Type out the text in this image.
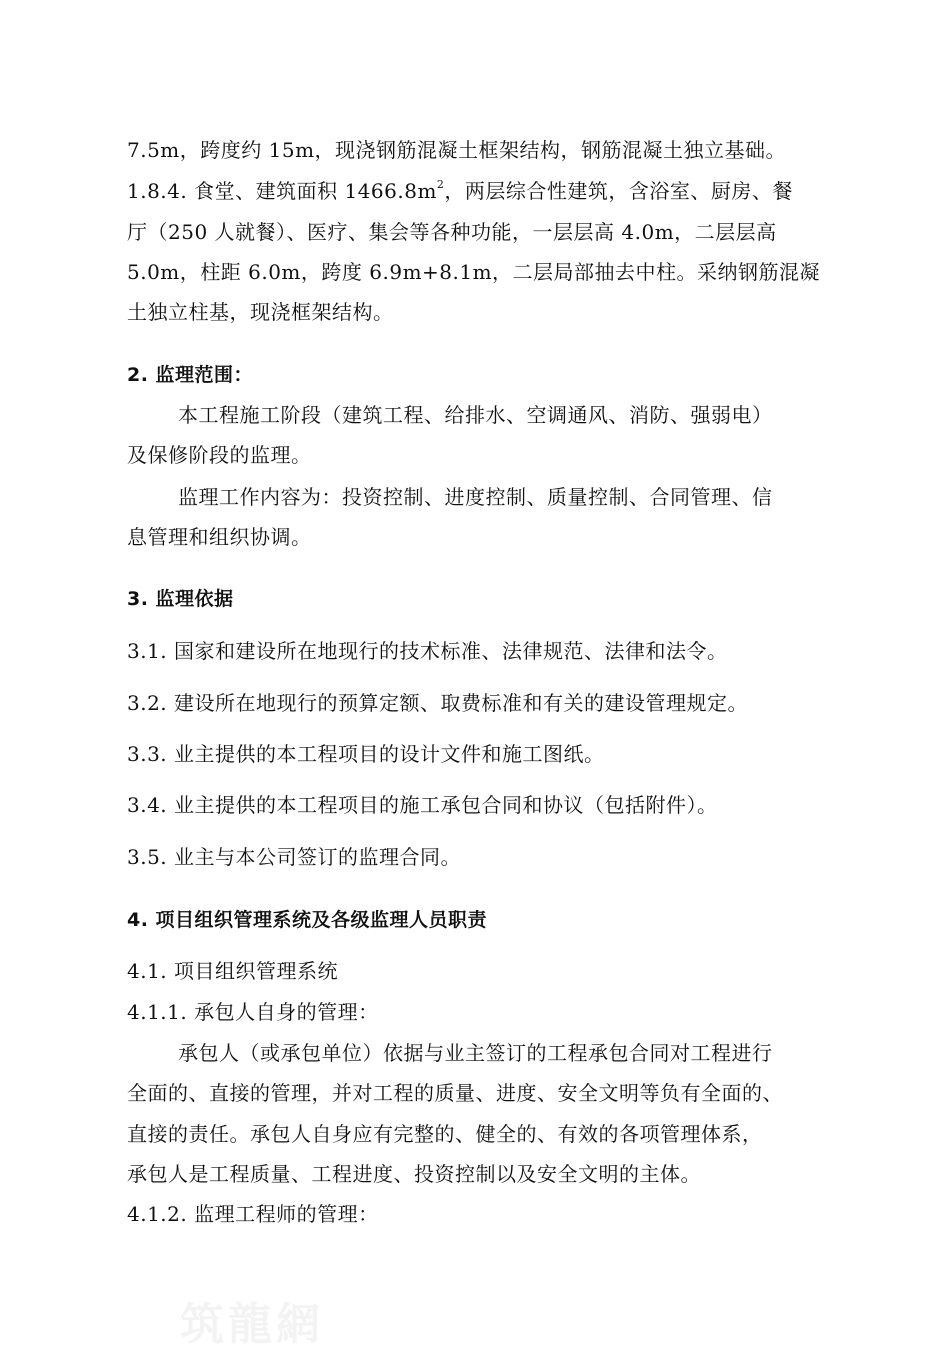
7.5m，跨度约 15m，现浇钢筋混凝土框架结构，钢筋混凝土独立基础。
1.8.4. 食堂、建筑面积 $1466.8m^2$，两层综合性建筑，含浴室、厨房、餐
厅（250 人就餐）、医疗、集会等各种功能，一层层高 4.0m，二层层高
5.0m，柱距 6.0m，跨度 6.9m+8.1m，二层局部抽去中柱。采纳钢筋混凝
土独立柱基，现浇框架结构。
2. 监理范围：
本工程施工阶段（建筑工程、给排水、空调通风、消防、强弱电）
及保修阶段的监理。
监理工作内容为：投资控制、进度控制、质量控制、合同管理、信
息管理和组织协调。
3. 监理依据
3.1. 国家和建设所在地现行的技术标准、法律规范、法律和法令。
3.2. 建设所在地现行的预算定额、取费标准和有关的建设管理规定。
3.3. 业主提供的本工程项目的设计文件和施工图纸。
3.4. 业主提供的本工程项目的施工承包合同和协议（包括附件）。
3.5. 业主与本公司签订的监理合同。
4. 项目组织管理系统及各级监理人员职责
4.1. 项目组织管理系统
4.1.1. 承包人自身的管理：
承包人（或承包单位）依据与业主签订的工程承包合同对工程进行
全面的、直接的管理，并对工程的质量、进度、安全文明等负有全面的、
直接的责任。承包人自身应有完整的、健全的、有效的各项管理体系，
承包人是工程质量、工程进度、投资控制以及安全文明的主体。
4.1.2. 监理工程师的管理：
筑龍網
